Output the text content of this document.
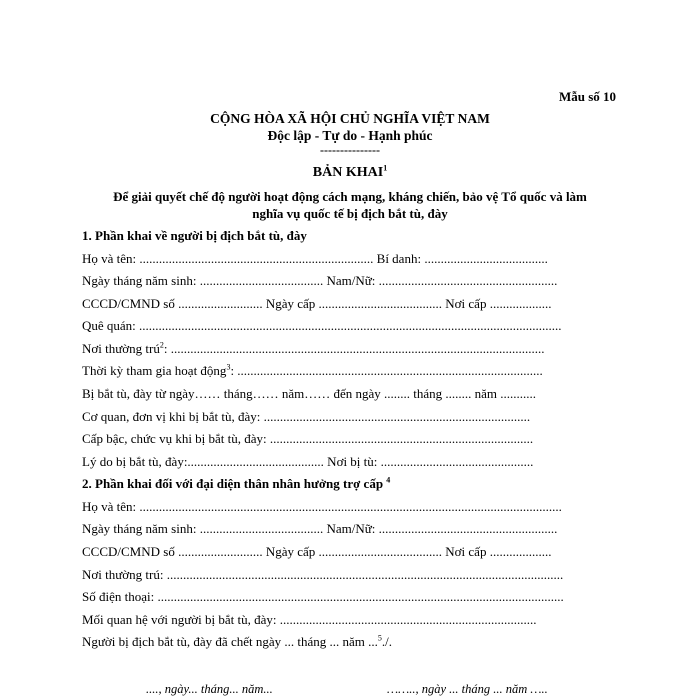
Mẫu số 10
CỘNG HÒA XÃ HỘI CHỦ NGHĨA VIỆT NAM
Độc lập - Tự do - Hạnh phúc
---------------
BẢN KHAI$^1$
Để giải quyết chế độ người hoạt động cách mạng, kháng chiến, bảo vệ Tổ quốc và làm
nghĩa vụ quốc tế bị địch bắt tù, đày
1. Phần khai về người bị địch bắt tù, đày
Họ và tên: ........................................................................ Bí danh: ......................................
Ngày tháng năm sinh: ...................................... Nam/Nữ: .......................................................
CCCD/CMND số .......................... Ngày cấp ...................................... Nơi cấp ...................
Quê quán: ..................................................................................................................................
Nơi thường trú$^2$: ...................................................................................................................
Thời kỳ tham gia hoạt động$^3$: ..............................................................................................
Bị bắt tù, đày từ ngày…… tháng…… năm…… đến ngày ........ tháng ........ năm ...........
Cơ quan, đơn vị khi bị bắt tù, đày: ..................................................................................
Cấp bậc, chức vụ khi bị bắt tù, đày: .................................................................................
Lý do bị bắt tù, đày:.......................................... Nơi bị tù: ...............................................
2. Phần khai đối với đại diện thân nhân hưởng trợ cấp $^4$
Họ và tên: ..................................................................................................................................
Ngày tháng năm sinh: ...................................... Nam/Nữ: .......................................................
CCCD/CMND số .......................... Ngày cấp ...................................... Nơi cấp ...................
Nơi thường trú: ..........................................................................................................................
Số điện thoại: .............................................................................................................................
Mối quan hệ với người bị bắt tù, đày: ...............................................................................
Người bị địch bắt tù, đày đã chết ngày ... tháng ... năm ...$^5$./.
...., ngày... tháng... năm...	…….., ngày ... tháng ... năm …..
